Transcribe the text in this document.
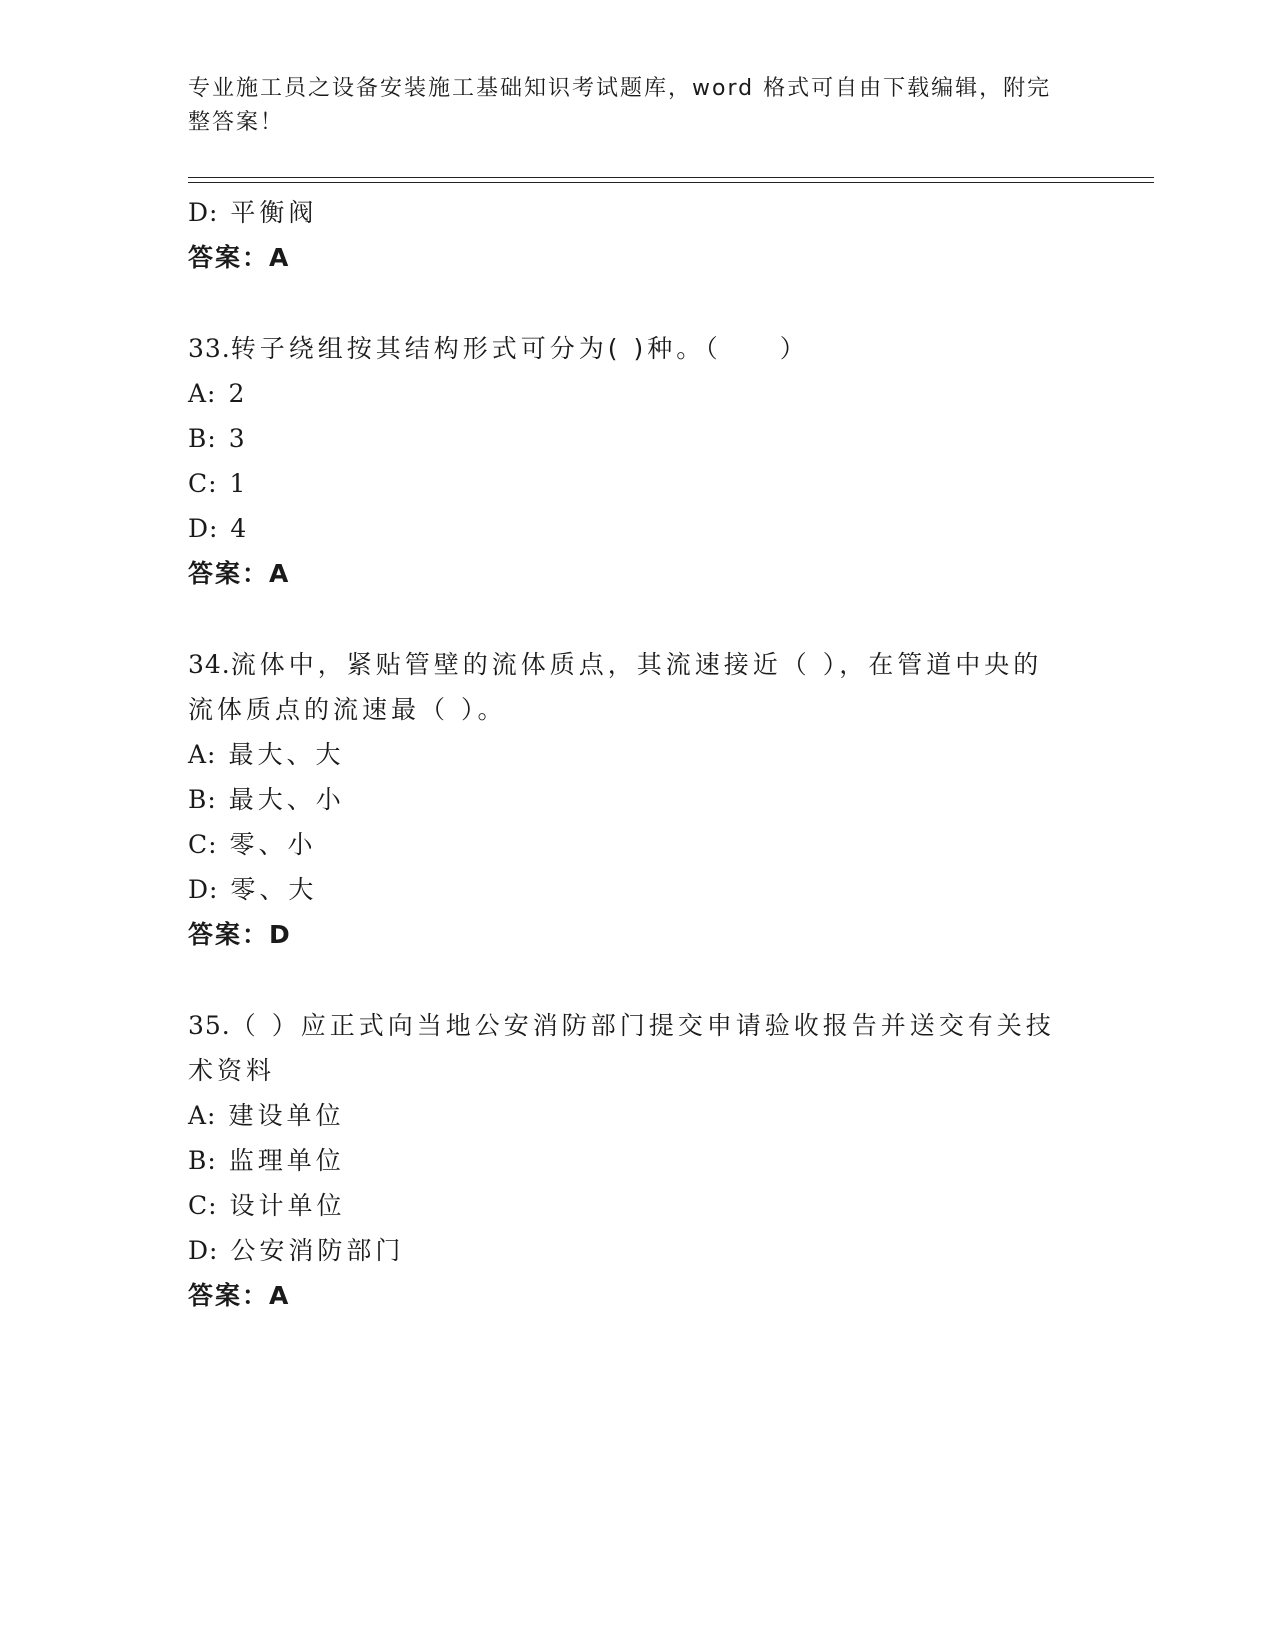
专业施工员之设备安装施工基础知识考试题库，word 格式可自由下载编辑，附完
整答案！
D: 平衡阀
答案：A
33.转子绕组按其结构形式可分为( )种。（　　）
A: 2
B: 3
C: 1
D: 4
答案：A
34.流体中，紧贴管壁的流体质点，其流速接近（ ），在管道中央的
流体质点的流速最（ ）。
A: 最大、大
B: 最大、小
C: 零、小
D: 零、大
答案：D
35.（ ）应正式向当地公安消防部门提交申请验收报告并送交有关技
术资料
A: 建设单位
B: 监理单位
C: 设计单位
D: 公安消防部门
答案：A
